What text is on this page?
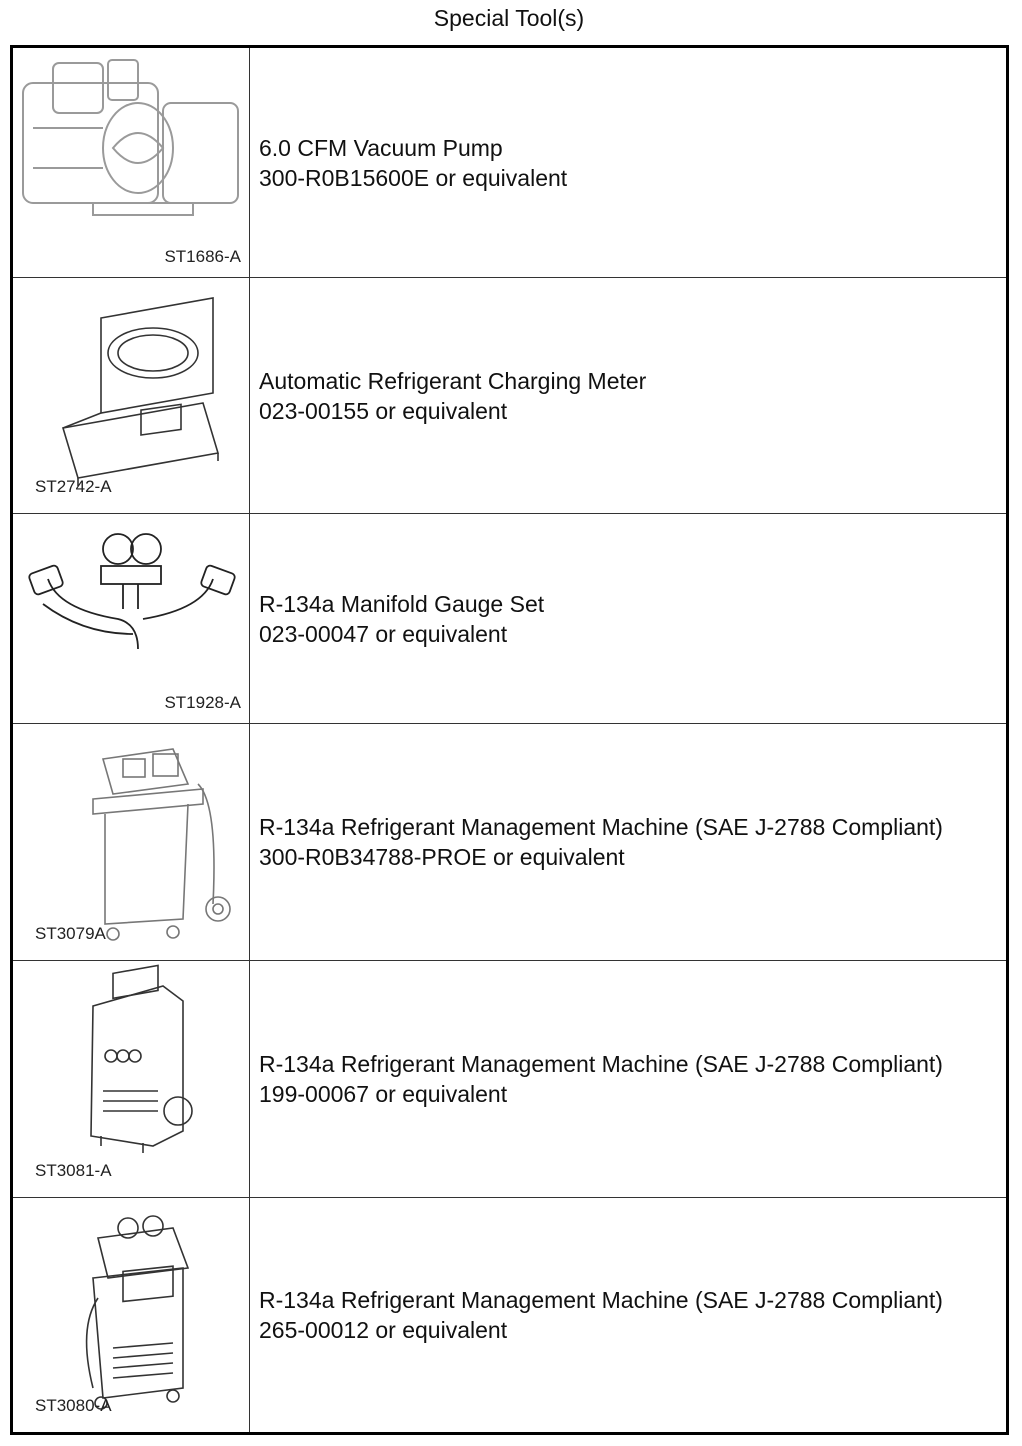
Special Tool(s)
ST1686-A	6.0 CFM Vacuum Pump
300-R0B15600E or equivalent

ST2742-A	Automatic Refrigerant Charging Meter
023-00155 or equivalent

ST1928-A	R-134a Manifold Gauge Set
023-00047 or equivalent

ST3079A	R-134a Refrigerant Management Machine (SAE J-2788 Compliant)
300-R0B34788-PROE or equivalent

ST3081-A	R-134a Refrigerant Management Machine (SAE J-2788 Compliant)
199-00067 or equivalent

ST3080-A	R-134a Refrigerant Management Machine (SAE J-2788 Compliant)
265-00012 or equivalent
